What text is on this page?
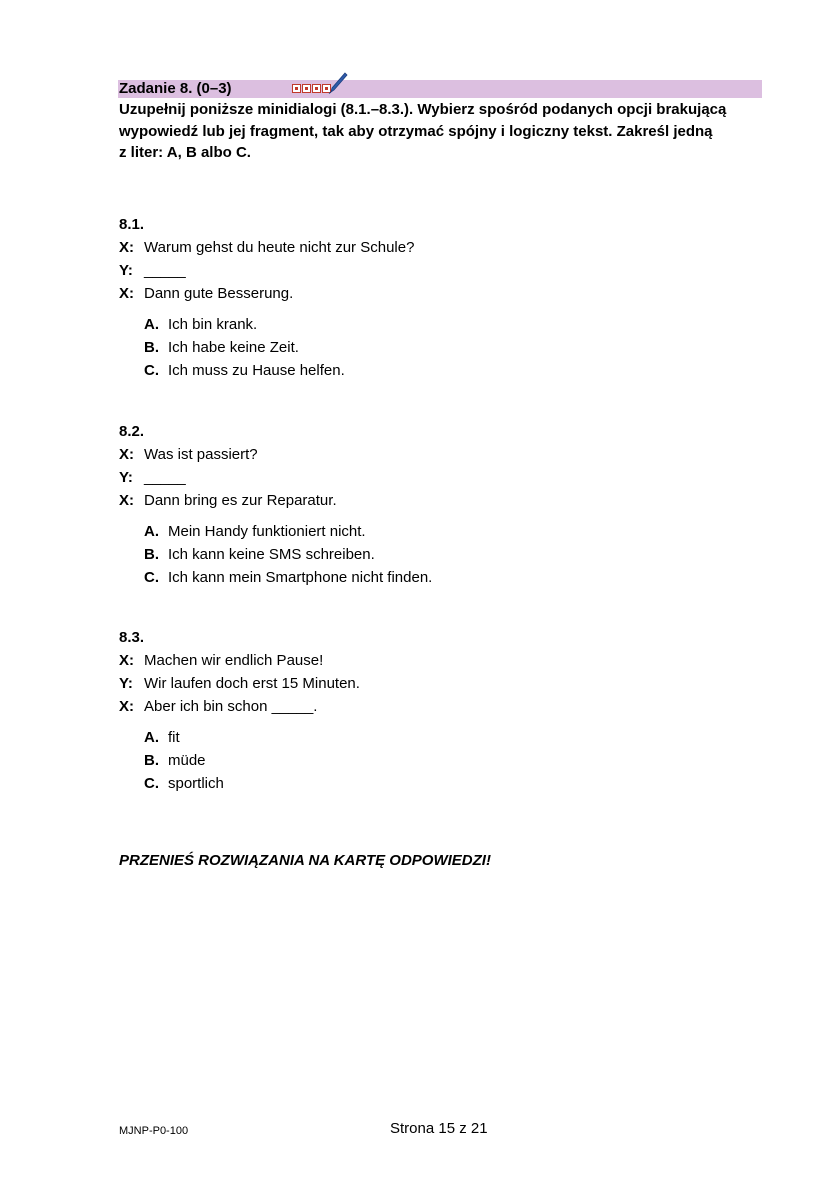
Zadanie 8. (0–3)

Uzupełnij poniższe minidialogi (8.1.–8.3.). Wybierz spośród podanych opcji brakującą

wypowiedź lub jej fragment, tak aby otrzymać spójny i logiczny tekst. Zakreśl jedną

z liter: A, B albo C.

8.1.
X: Warum gehst du heute nicht zur Schule?
Y: _____
X: Dann gute Besserung.
A. Ich bin krank.
B. Ich habe keine Zeit.
C. Ich muss zu Hause helfen.
8.2.
X: Was ist passiert?
Y: _____
X: Dann bring es zur Reparatur.
A. Mein Handy funktioniert nicht.
B. Ich kann keine SMS schreiben.
C. Ich kann mein Smartphone nicht finden.
8.3.
X: Machen wir endlich Pause!
Y: Wir laufen doch erst 15 Minuten.
X: Aber ich bin schon _____.
A. fit
B. müde
C. sportlich
PRZENIEŚ ROZWIĄZANIA NA KARTĘ ODPOWIEDZI!
MJNP-P0-100	Strona 15 z 21
